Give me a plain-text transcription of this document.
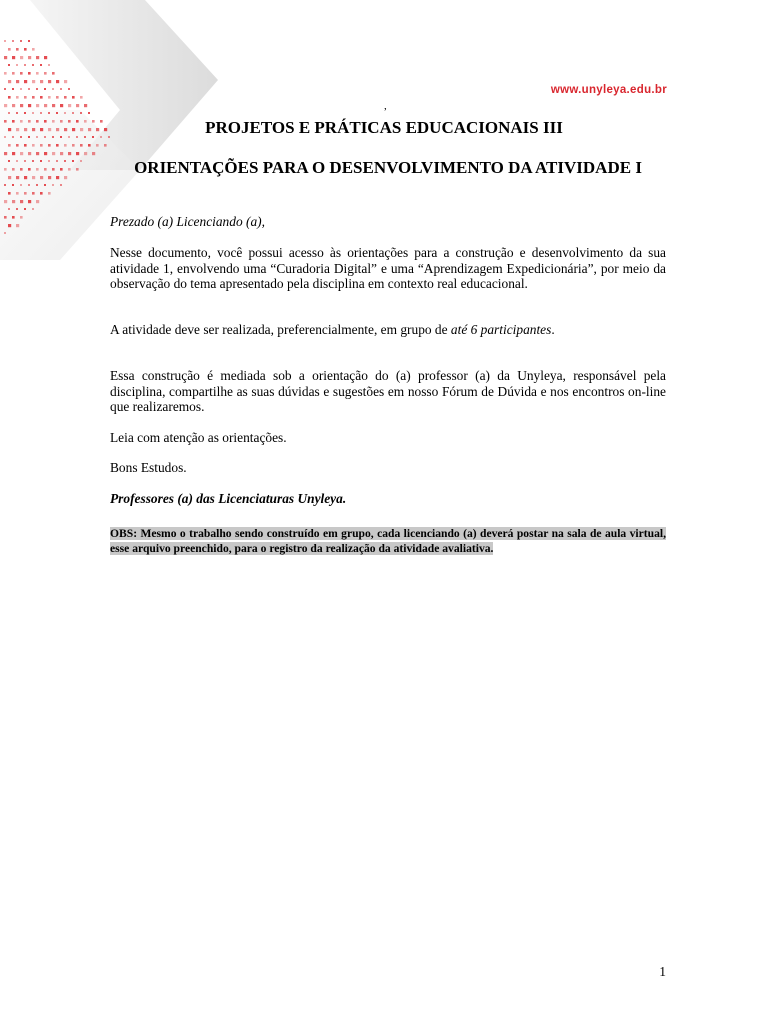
www.unyleya.edu.br
,
PROJETOS E PRÁTICAS EDUCACIONAIS III
ORIENTAÇÕES PARA O DESENVOLVIMENTO DA ATIVIDADE I

Prezado (a) Licenciando (a),

Nesse documento, você possui acesso às orientações para a construção e desenvolvimento da sua atividade 1, envolvendo uma “Curadoria Digital” e uma “Aprendizagem Expedicionária”, por meio da observação do tema apresentado pela disciplina em contexto real educacional.

A atividade deve ser realizada, preferencialmente, em grupo de até 6 participantes.

Essa construção é mediada sob a orientação do (a) professor (a) da Unyleya, responsável pela disciplina, compartilhe as suas dúvidas e sugestões em nosso Fórum de Dúvida e nos encontros on-line que realizaremos.

Leia com atenção as orientações.

Bons Estudos.

Professores (a) das Licenciaturas Unyleya.

OBS: Mesmo o trabalho sendo construído em grupo, cada licenciando (a) deverá postar na sala de aula virtual, esse arquivo preenchido, para o registro da realização da atividade avaliativa.

1
